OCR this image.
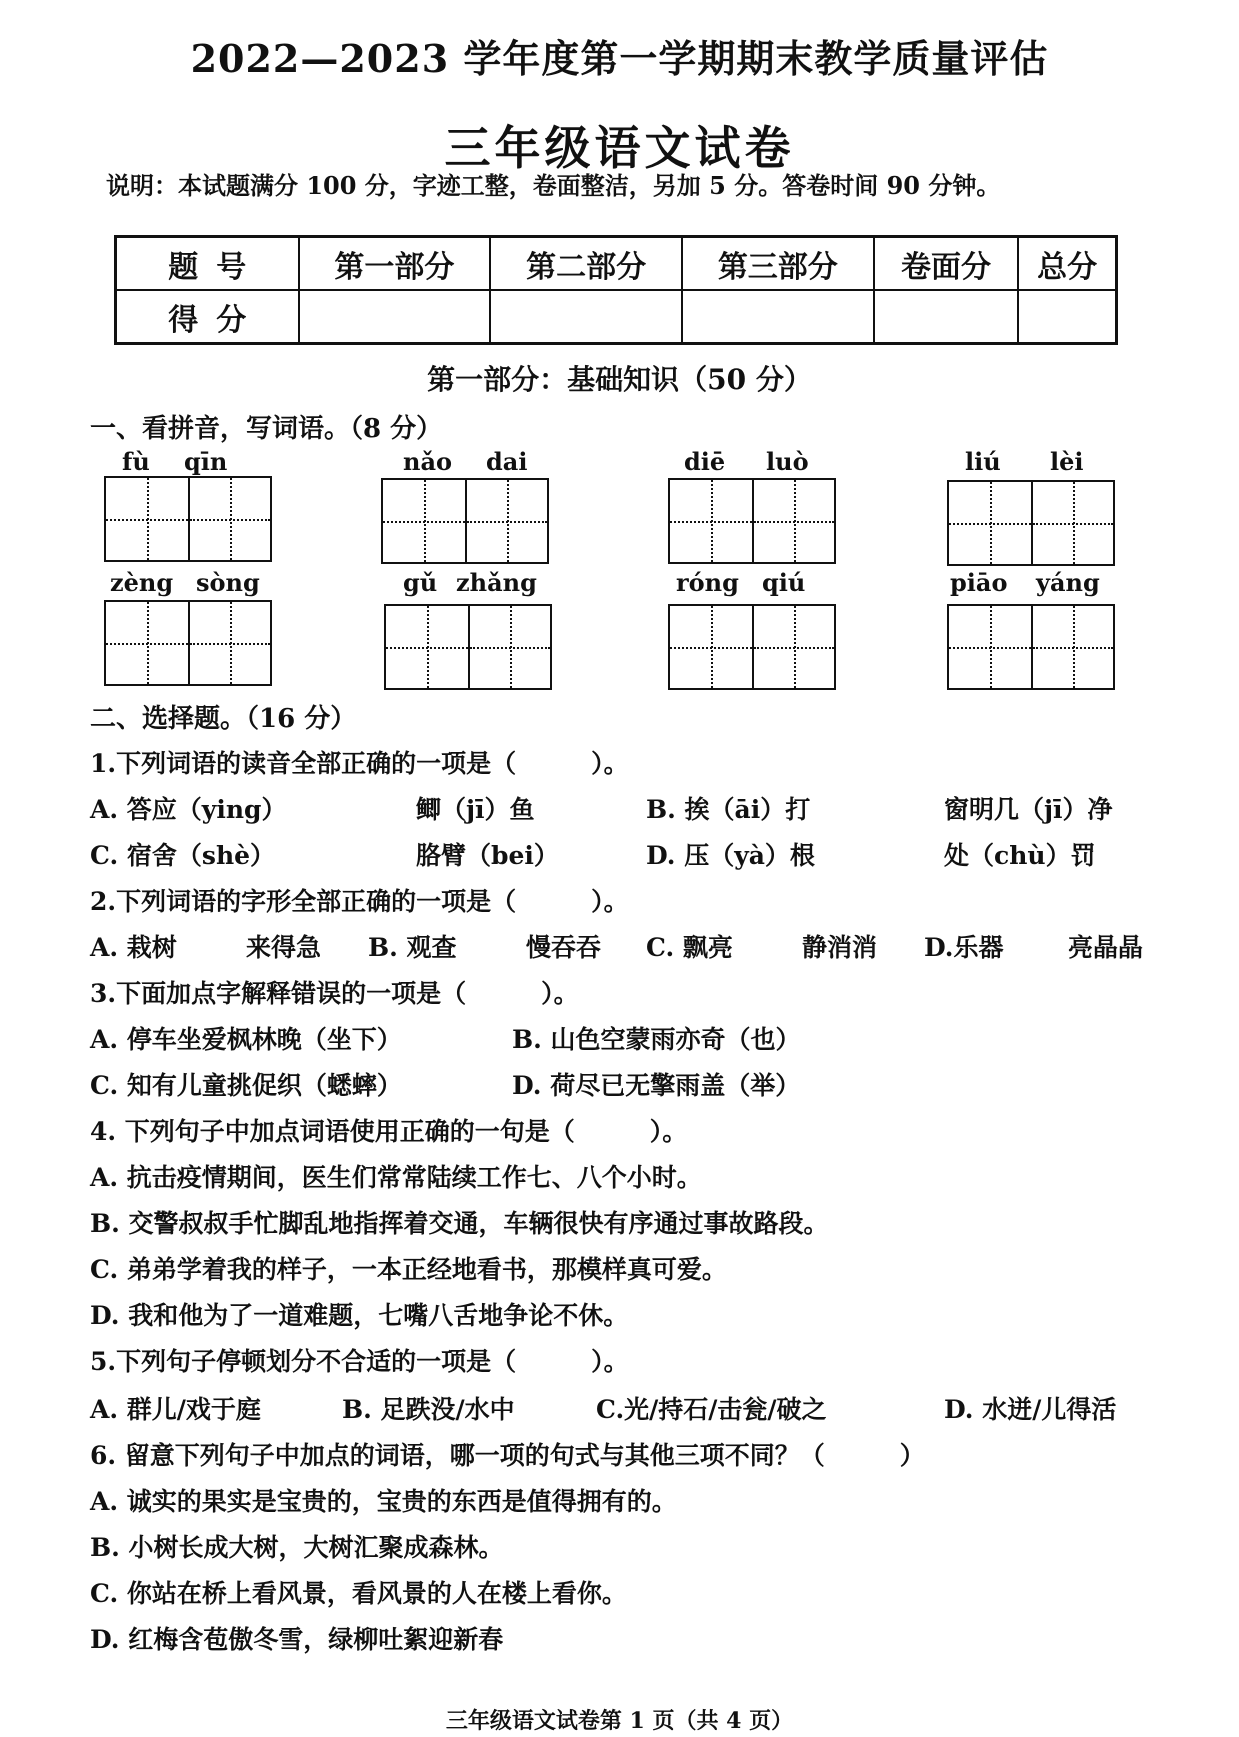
2022—2023 学年度第一学期期末教学质量评估
三年级语文试卷
说明：本试题满分 100 分，字迹工整，卷面整洁，另加 5 分。答卷时间 90 分钟。
题号	第一部分	第二部分	第三部分	卷面分	总分
得分					
第一部分：基础知识（50 分）
一、看拼音，写词语。（8 分）
fù qīn	nǎo dai	diē luò	liú lèi
zèng sòng	gǔ zhǎng	róng qiú	piāo yáng
二、选择题。（16 分）
1.下列词语的读音全部正确的一项是（　　　）。
A. 答应（ying）	鲫（jī）鱼	B. 挨（āi）打	窗明几（jī）净
C. 宿舍（shè）	胳臂（bei）	D. 压（yà）根	处（chù）罚
2.下列词语的字形全部正确的一项是（　　　）。
A. 栽树	来得急 B. 观查	慢吞吞 C. 飘亮	静消消 D.乐器	亮晶晶
3.下面加点字解释错误的一项是（　　　）。
A. 停车坐爱枫林晚（坐下）	B. 山色空蒙雨亦奇（也）
C. 知有儿童挑促织（蟋蟀）	D. 荷尽已无擎雨盖（举）
4. 下列句子中加点词语使用正确的一句是（　　　）。
A. 抗击疫情期间，医生们常常陆续工作七、八个小时。
B. 交警叔叔手忙脚乱地指挥着交通，车辆很快有序通过事故路段。
C. 弟弟学着我的样子，一本正经地看书，那模样真可爱。
D. 我和他为了一道难题，七嘴八舌地争论不休。
5.下列句子停顿划分不合适的一项是（　　　）。
A. 群儿/戏于庭	B. 足跌没/水中	C.光/持石/击瓮/破之	D. 水迸/儿得活
6. 留意下列句子中加点的词语，哪一项的句式与其他三项不同？（　　　）
A. 诚实的果实是宝贵的，宝贵的东西是值得拥有的。
B. 小树长成大树，大树汇聚成森林。
C. 你站在桥上看风景，看风景的人在楼上看你。
D. 红梅含苞傲冬雪，绿柳吐絮迎新春
三年级语文试卷第 1 页（共 4 页）
